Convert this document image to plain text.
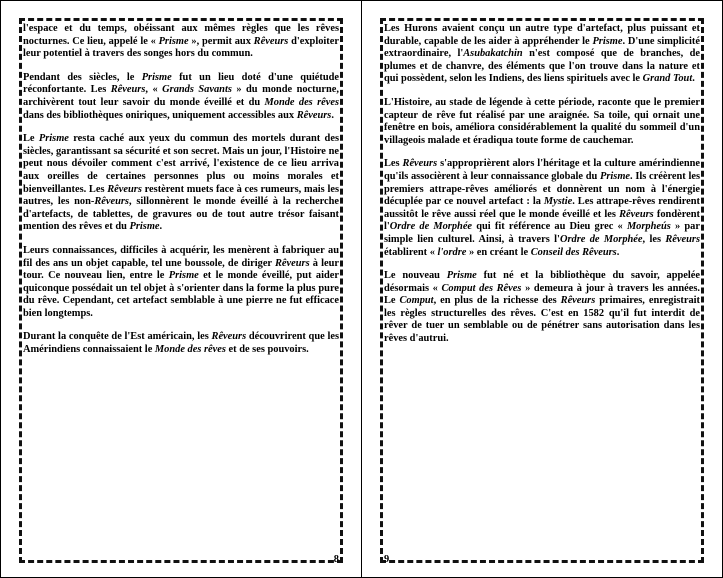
l'espace et du temps, obéissant aux mêmes règles que les rêves nocturnes. Ce lieu, appelé le « Prisme », permit aux Rêveurs d'exploiter leur potentiel à travers des songes hors du commun.

Pendant des siècles, le Prisme fut un lieu doté d'une quiétude réconfortante. Les Rêveurs, « Grands Savants » du monde nocturne, archivèrent tout leur savoir du monde éveillé et du Monde des rêves dans des bibliothèques oniriques, uniquement accessibles aux Rêveurs.

Le Prisme resta caché aux yeux du commun des mortels durant des siècles, garantissant sa sécurité et son secret. Mais un jour, l'Histoire ne peut nous dévoiler comment c'est arrivé, l'existence de ce lieu arriva aux oreilles de certaines personnes plus ou moins morales et bienveillantes. Les Rêveurs restèrent muets face à ces rumeurs, mais les autres, les non-Rêveurs, sillonnèrent le monde éveillé à la recherche d'artefacts, de tablettes, de gravures ou de tout autre trésor faisant mention des rêves et du Prisme.

Leurs connaissances, difficiles à acquérir, les menèrent à fabriquer au fil des ans un objet capable, tel une boussole, de diriger Rêveurs à leur tour. Ce nouveau lien, entre le Prisme et le monde éveillé, put aider quiconque possédait un tel objet à s'orienter dans la forme la plus pure du rêve. Cependant, cet artefact semblable à une pierre ne fut efficace bien longtemps.

Durant la conquête de l'Est américain, les Rêveurs découvrirent que les Amérindiens connaissaient le Monde des rêves et de ses pouvoirs.

8

Les Hurons avaient conçu un autre type d'artefact, plus puissant et durable, capable de les aider à appréhender le Prisme. D'une simplicité extraordinaire, l'Asubakatchin n'est composé que de branches, de plumes et de chanvre, des éléments que l'on trouve dans la nature et qui possèdent, selon les Indiens, des liens spirituels avec le Grand Tout.

L'Histoire, au stade de légende à cette période, raconte que le premier capteur de rêve fut réalisé par une araignée. Sa toile, qui ornait une fenêtre en bois, améliora considérablement la qualité du sommeil d'un villageois malade et éradiqua toute forme de cauchemar.

Les Rêveurs s'approprièrent alors l'héritage et la culture amérindienne qu'ils associèrent à leur connaissance globale du Prisme. Ils créèrent les premiers attrape-rêves améliorés et donnèrent un nom à l'énergie décuplée par ce nouvel artefact : la Mystie. Les attrape-rêves rendirent aussitôt le rêve aussi réel que le monde éveillé et les Rêveurs fondèrent l'Ordre de Morphée qui fit référence au Dieu grec « Morpheús » par simple lien culturel. Ainsi, à travers l'Ordre de Morphée, les Rêveurs établirent « l'ordre » en créant le Conseil des Rêveurs.

Le nouveau Prisme fut né et la bibliothèque du savoir, appelée désormais « Comput des Rêves » demeura à jour à travers les années. Le Comput, en plus de la richesse des Rêveurs primaires, enregistrait les règles structurelles des rêves. C'est en 1582 qu'il fut interdit de rêver de tuer un semblable ou de pénétrer sans autorisation dans les rêves d'autrui.

9
